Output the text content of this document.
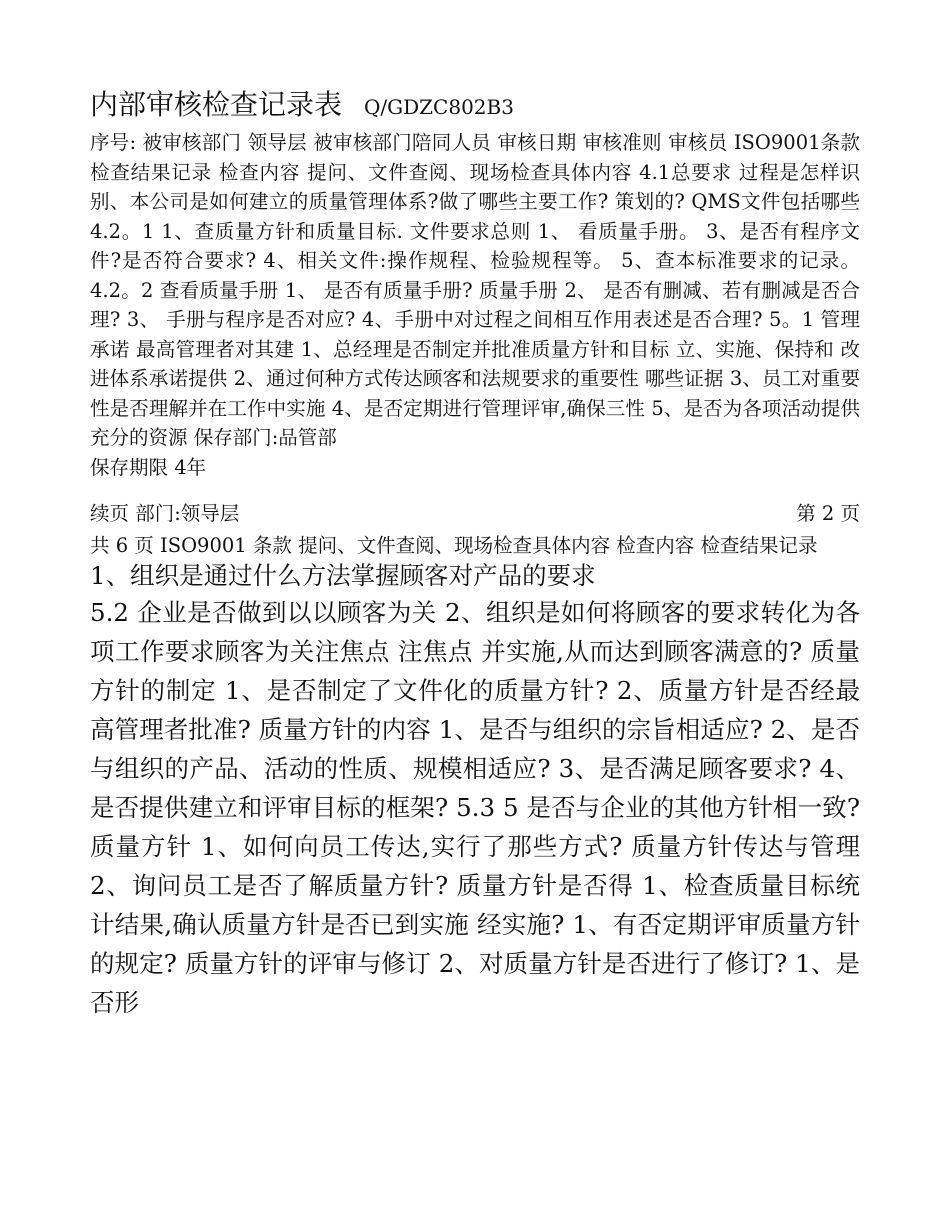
内部审核检查记录表 Q/GDZC802B3
序号: 被审核部门 领导层 被审核部门陪同人员 审核日期 审核准则 审核员 ISO9001条款 检查结果记录 检查内容 提问、文件查阅、现场检查具体内容 4.1总要求 过程是怎样识别、本公司是如何建立的质量管理体系?做了哪些主要工作? 策划的? QMS文件包括哪些 4.2。1 1、查质量方针和质量目标. 文件要求总则 1、 看质量手册。 3、是否有程序文件?是否符合要求? 4、相关文件:操作规程、检验规程等。 5、查本标准要求的记录。 4.2。2 查看质量手册 1、 是否有质量手册? 质量手册 2、 是否有删减、若有删减是否合理? 3、 手册与程序是否对应? 4、手册中对过程之间相互作用表述是否合理? 5。1 管理承诺 最高管理者对其建 1、总经理是否制定并批准质量方针和目标 立、实施、保持和 改进体系承诺提供 2、通过何种方式传达顾客和法规要求的重要性 哪些证据 3、员工对重要性是否理解并在工作中实施 4、是否定期进行管理评审,确保三性 5、是否为各项活动提供充分的资源 保存部门:品管部
保存期限 4年
续页 部门:领导层	第 2 页
共 6 页 ISO9001 条款 提问、文件查阅、现场检查具体内容 检查内容 检查结果记录 1、组织是通过什么方法掌握顾客对产品的要求
5.2 企业是否做到以以顾客为关 2、组织是如何将顾客的要求转化为各项工作要求顾客为关注焦点 注焦点 并实施,从而达到顾客满意的? 质量方针的制定 1、是否制定了文件化的质量方针? 2、质量方针是否经最高管理者批准? 质量方针的内容 1、是否与组织的宗旨相适应? 2、是否与组织的产品、活动的性质、规模相适应? 3、是否满足顾客要求? 4、是否提供建立和评审目标的框架? 5.3 5 是否与企业的其他方针相一致? 质量方针 1、如何向员工传达,实行了那些方式? 质量方针传达与管理 2、询问员工是否了解质量方针? 质量方针是否得 1、检查质量目标统计结果,确认质量方针是否已到实施 经实施? 1、有否定期评审质量方针的规定? 质量方针的评审与修订 2、对质量方针是否进行了修订? 1、是否形
